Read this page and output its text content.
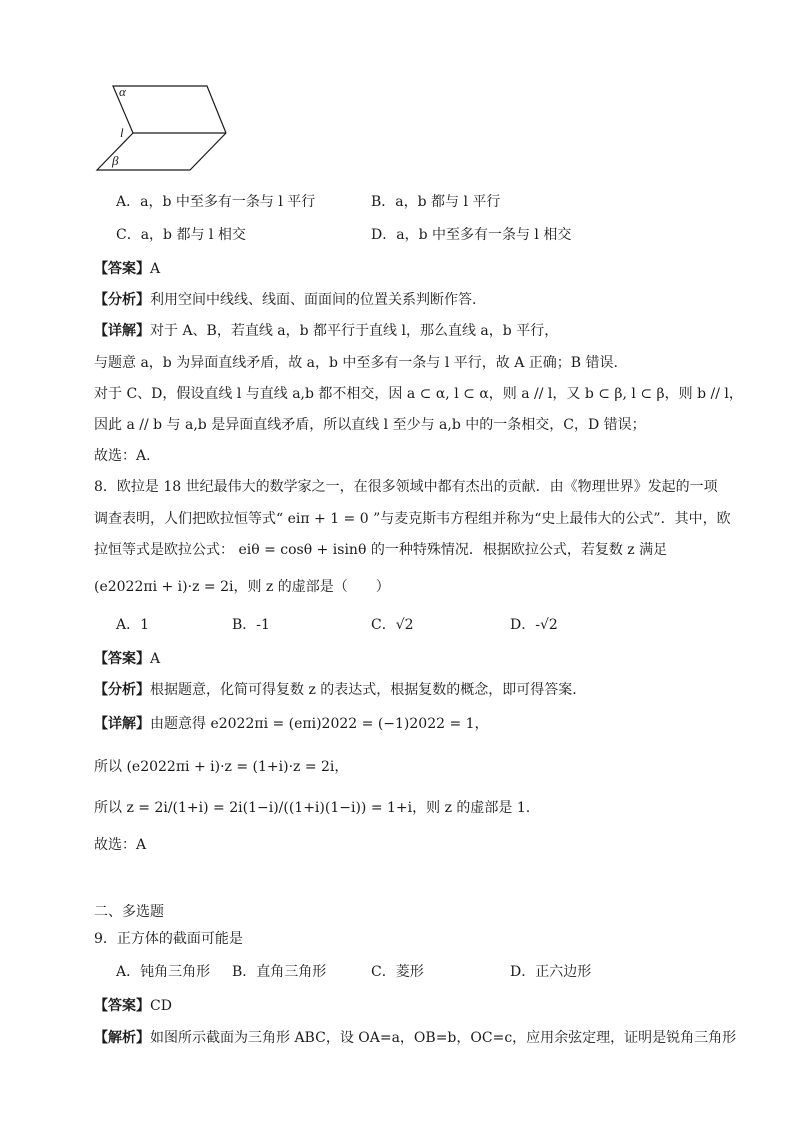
α
l
β
A．a，b 中至多有一条与 l 平行	B．a，b 都与 l 平行
C．a，b 都与 l 相交	D．a，b 中至多有一条与 l 相交
【答案】A
【分析】利用空间中线线、线面、面面间的位置关系判断作答.
【详解】对于 A、B，若直线 a，b 都平行于直线 l，那么直线 a，b 平行，
与题意 a，b 为异面直线矛盾，故 a，b 中至多有一条与 l 平行，故 A 正确；B 错误.
对于 C、D，假设直线 l 与直线 a,b 都不相交，因 a ⊂ α, l ⊂ α，则 a // l，又 b ⊂ β, l ⊂ β，则 b // l，
因此 a // b 与 a,b 是异面直线矛盾，所以直线 l 至少与 a,b 中的一条相交，C，D 错误；
故选：A.
8．欧拉是 18 世纪最伟大的数学家之一，在很多领域中都有杰出的贡献．由《物理世界》发起的一项
调查表明，人们把欧拉恒等式“ eiπ + 1 = 0 ”与麦克斯韦方程组并称为“史上最伟大的公式”．其中，欧
拉恒等式是欧拉公式： eiθ = cosθ + isinθ 的一种特殊情况．根据欧拉公式，若复数 z 满足
(e2022πi + i)·z = 2i，则 z 的虚部是（　　）
A．1	B．-1	C．√2	D．-√2
【答案】A
【分析】根据题意，化简可得复数 z 的表达式，根据复数的概念，即可得答案.
【详解】由题意得 e2022πi = (eπi)2022 = (−1)2022 = 1，
所以 (e2022πi + i)·z = (1+i)·z = 2i，
所以 z = 2i/(1+i) = 2i(1−i)/((1+i)(1−i)) = 1+i，则 z 的虚部是 1.
故选：A
二、多选题
9．正方体的截面可能是
A．钝角三角形 B．直角三角形	C．菱形	D．正六边形
【答案】CD
【解析】如图所示截面为三角形 ABC，设 OA=a，OB=b，OC=c，应用余弦定理，证明是锐角三角形
